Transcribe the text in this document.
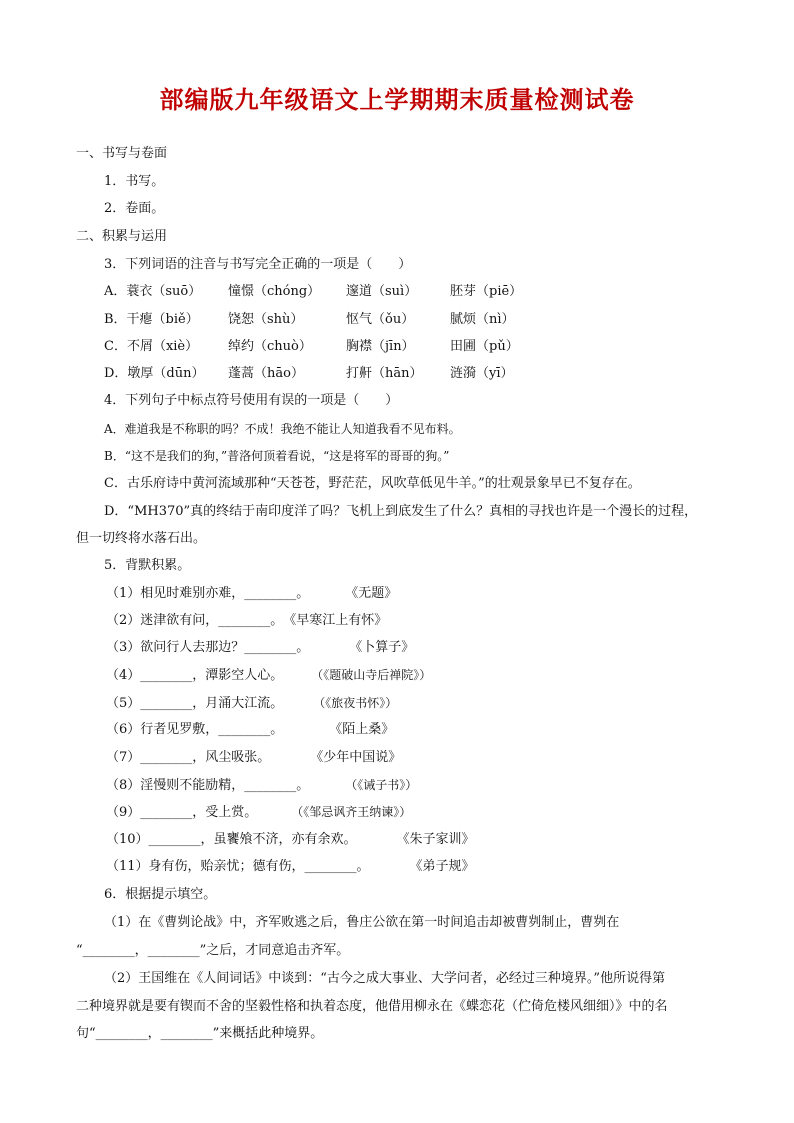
部编版九年级语文上学期期末质量检测试卷
一、书写与卷面
1．书写。
2．卷面。
二、积累与运用
3．下列词语的注音与书写完全正确的一项是（　　）
A．蓑衣（suō） 憧憬（chóng） 邃道（suì）	胚芽（piē）
B．干瘪（biě） 饶恕（shù）	怄气（ǒu）	腻烦（nì）
C．不屑（xiè） 绰约（chuò）	胸襟（jīn）	田圃（pǔ）
D．墩厚（dūn） 蓬蒿（hāo）	打鼾（hān） 涟漪（yī）
4．下列句子中标点符号使用有误的一项是（　　）
A．难道我是不称职的吗？不成！我绝不能让人知道我看不见布料。
B．“这不是我们的狗，”普洛何顶着看说，“这是将军的哥哥的狗。”
C．古乐府诗中黄河流域那种“天苍苍，野茫茫，风吹草低见牛羊。”的壮观景象早已不复存在。
D．“MH370”真的终结于南印度洋了吗？飞机上到底发生了什么？真相的寻找也许是一个漫长的过程，
但一切终将水落石出。
5．背默积累。
（1）相见时难别亦难，________。	《无题》
（2）迷津欲有问，________。《早寒江上有怀》
（3）欲问行人去那边？________。	《卜算子》
（4）________，潭影空人心。 （《题破山寺后禅院》）
（5）________，月涌大江流。	（《旅夜书怀》）
（6）行者见罗敷，________。	《陌上桑》
（7）________，风尘吸张。	《少年中国说》
（8）淫慢则不能励精，________。	（《诫子书》）
（9）________，受上赏。	（《邹忌讽齐王纳谏》）
（10）________，虽饔飧不济，亦有余欢。	《朱子家训》
（11）身有伤，贻亲忧；德有伤，________。	《弟子规》
6．根据提示填空。
（1）在《曹刿论战》中，齐军败逃之后，鲁庄公欲在第一时间追击却被曹刿制止，曹刿在
“________，________”之后，才同意追击齐军。
（2）王国维在《人间词话》中谈到：“古今之成大事业、大学问者，必经过三种境界。”他所说得第
二种境界就是要有锲而不舍的坚毅性格和执着态度，他借用柳永在《蝶恋花（伫倚危楼风细细）》中的名
句“________，________”来概括此种境界。
